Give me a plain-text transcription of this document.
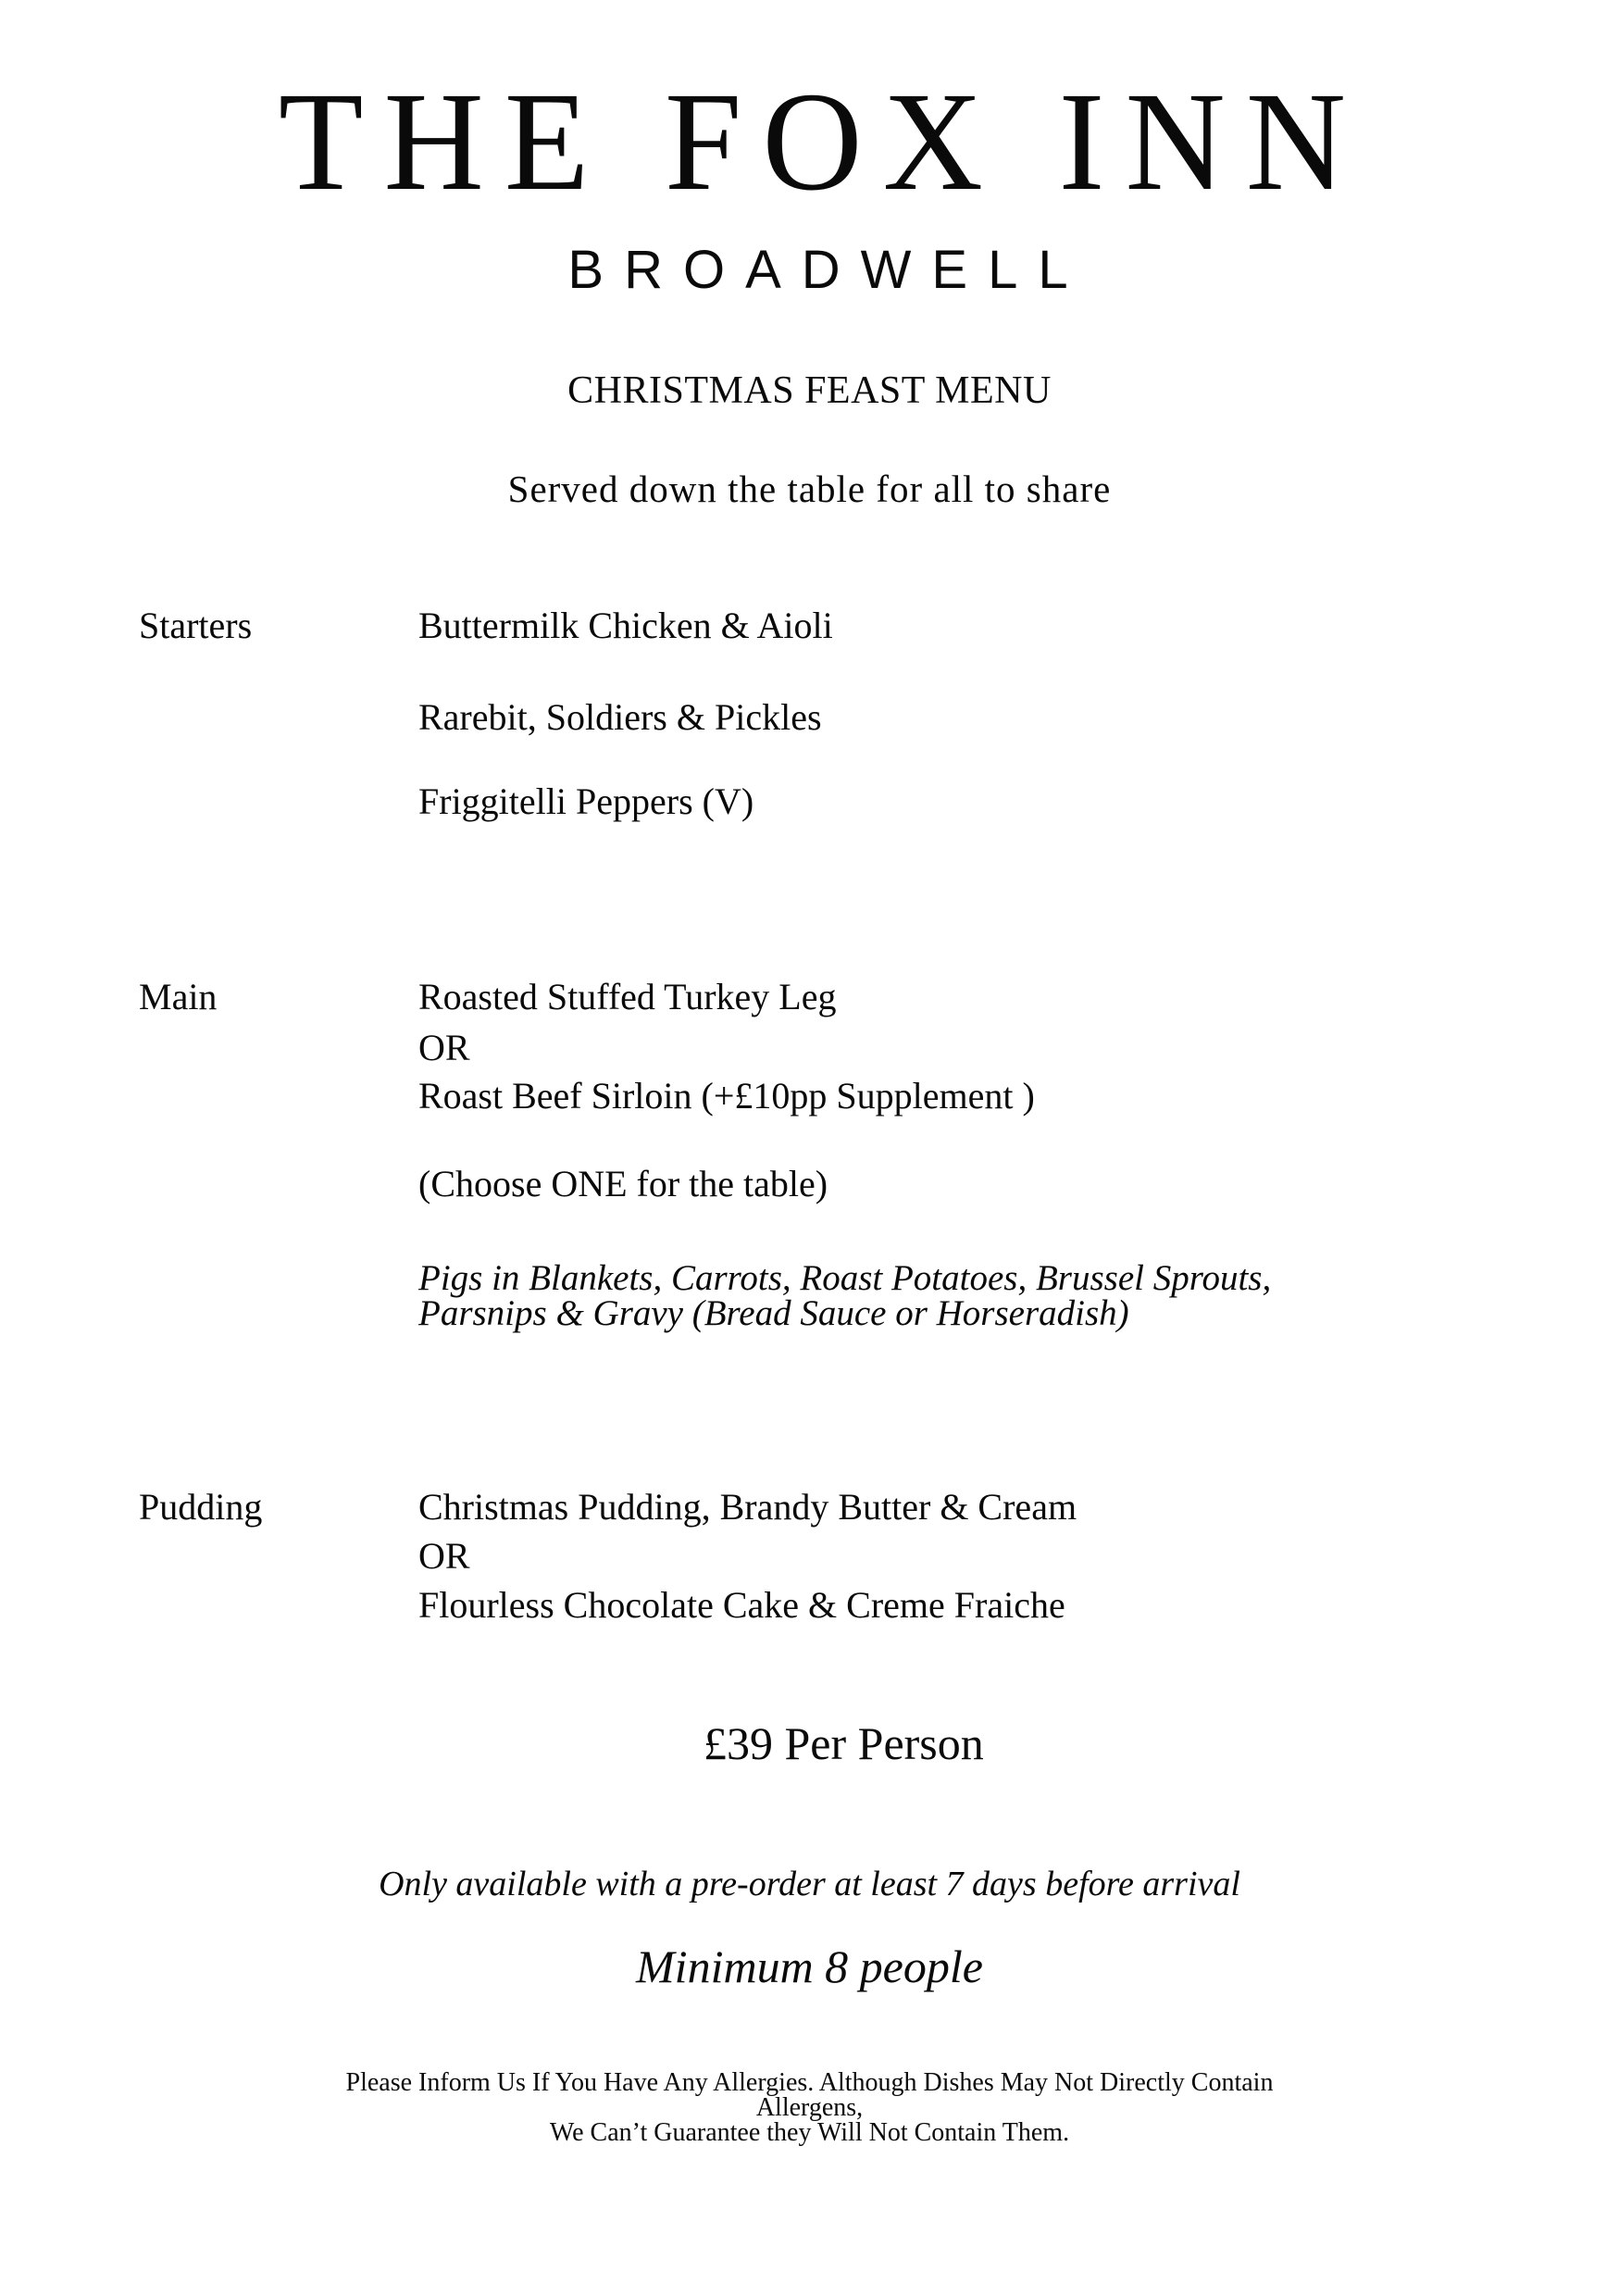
THE FOX INN
BROADWELL
CHRISTMAS FEAST MENU
Served down the table for all to share
Starters	Buttermilk Chicken & Aioli
Rarebit, Soldiers & Pickles
Friggitelli Peppers (V)
Main	Roasted Stuffed Turkey Leg
OR
Roast Beef Sirloin (+£10pp Supplement )
(Choose ONE for the table)
Pigs in Blankets, Carrots, Roast Potatoes, Brussel Sprouts,
Parsnips & Gravy (Bread Sauce or Horseradish)
Pudding	Christmas Pudding, Brandy Butter & Cream
OR
Flourless Chocolate Cake & Creme Fraiche
£39 Per Person
Only available with a pre-order at least 7 days before arrival
Minimum 8 people
Please Inform Us If You Have Any Allergies. Although Dishes May Not Directly Contain
Allergens,
We Can’t Guarantee they Will Not Contain Them.
